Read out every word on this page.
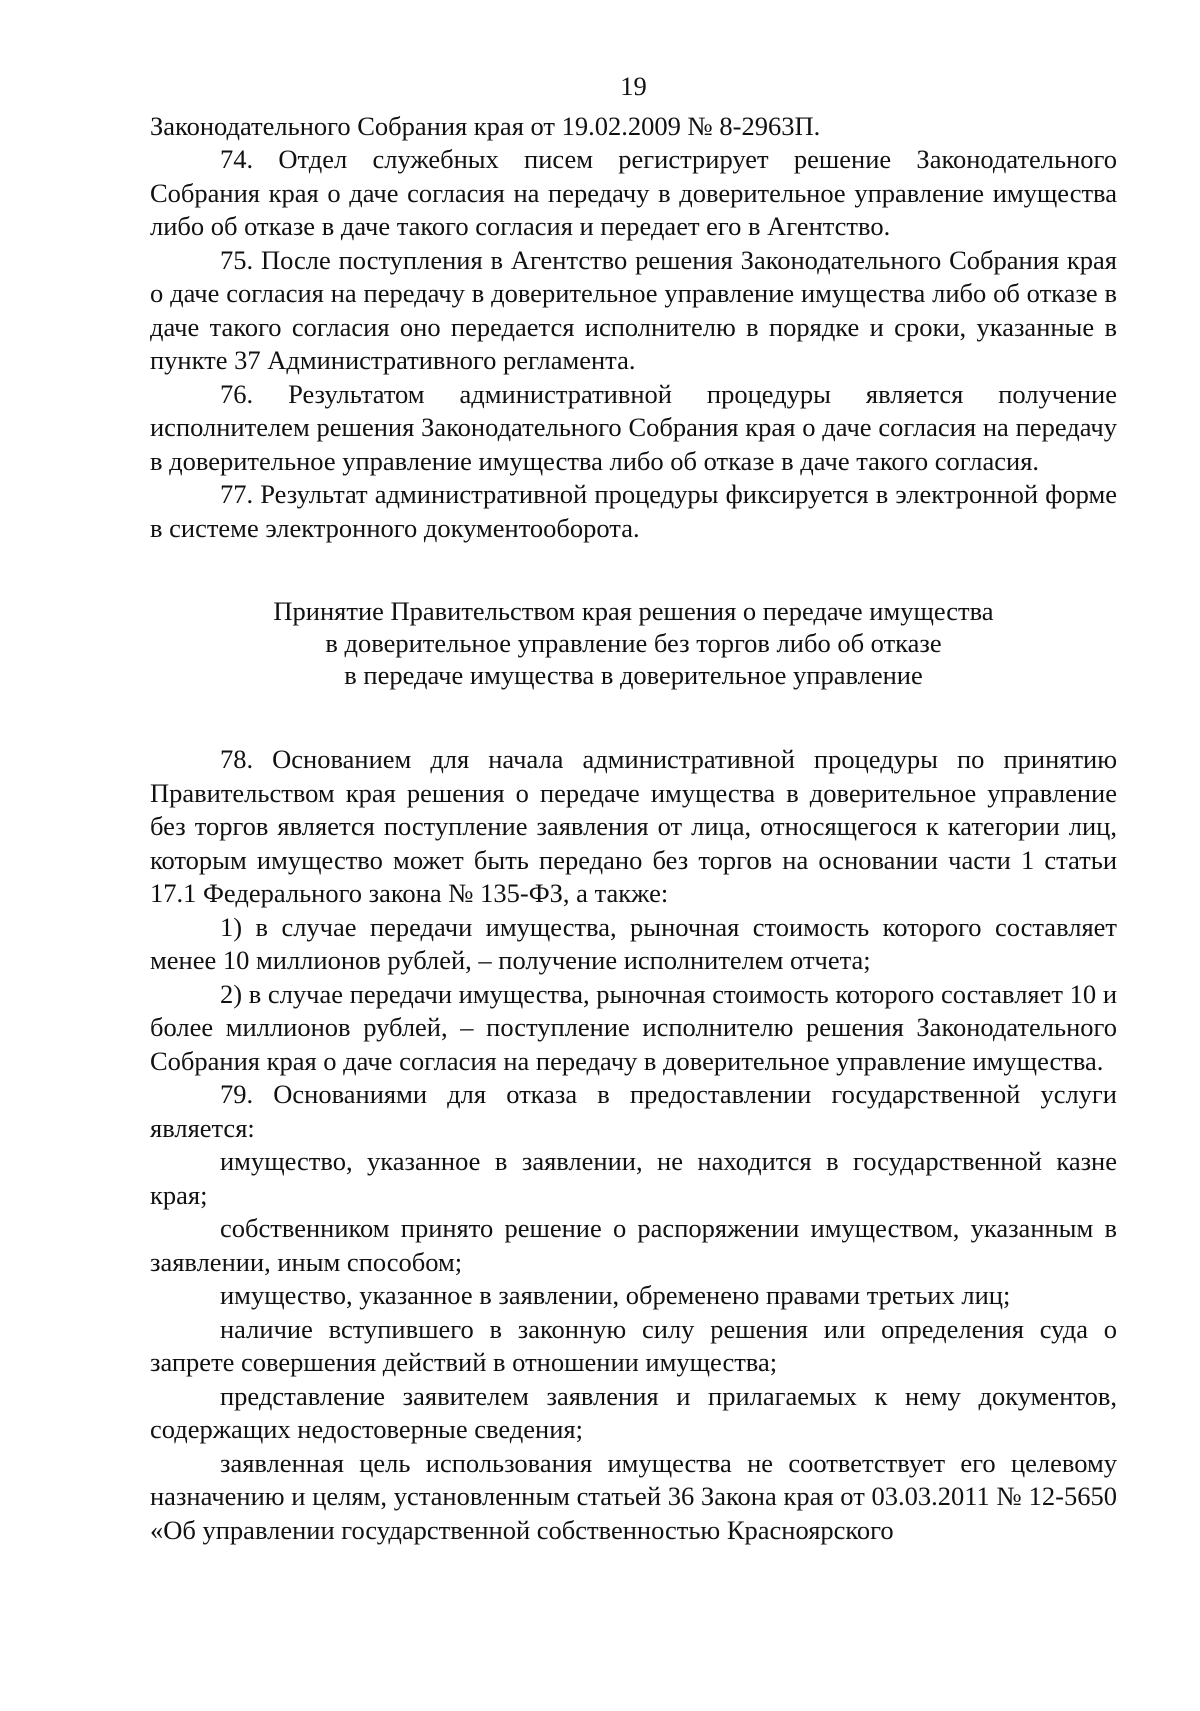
19

Законодательного Собрания края от 19.02.2009 № 8-2963П.

74. Отдел служебных писем регистрирует решение Законодательного Собрания края о даче согласия на передачу в доверительное управление имущества либо об отказе в даче такого согласия и передает его в Агентство.

75. После поступления в Агентство решения Законодательного Собрания края о даче согласия на передачу в доверительное управление имущества либо об отказе в даче такого согласия оно передается исполнителю в порядке и сроки, указанные в пункте 37 Административного регламента.

76. Результатом административной процедуры является получение исполнителем решения Законодательного Собрания края о даче согласия на передачу в доверительное управление имущества либо об отказе в даче такого согласия.

77. Результат административной процедуры фиксируется в электронной форме в системе электронного документооборота.

Принятие Правительством края решения о передаче имущества
в доверительное управление без торгов либо об отказе
в передаче имущества в доверительное управление

78. Основанием для начала административной процедуры по принятию Правительством края решения о передаче имущества в доверительное управление без торгов является поступление заявления от лица, относящегося к категории лиц, которым имущество может быть передано без торгов на основании части 1 статьи 17.1 Федерального закона № 135-ФЗ, а также:

1) в случае передачи имущества, рыночная стоимость которого составляет менее 10 миллионов рублей, – получение исполнителем отчета;

2) в случае передачи имущества, рыночная стоимость которого составляет 10 и более миллионов рублей, – поступление исполнителю решения Законодательного Собрания края о даче согласия на передачу в доверительное управление имущества.

79. Основаниями для отказа в предоставлении государственной услуги является:

имущество, указанное в заявлении, не находится в государственной казне края;

собственником принято решение о распоряжении имуществом, указанным в заявлении, иным способом;

имущество, указанное в заявлении, обременено правами третьих лиц;

наличие вступившего в законную силу решения или определения суда о запрете совершения действий в отношении имущества;

представление заявителем заявления и прилагаемых к нему документов, содержащих недостоверные сведения;

заявленная цель использования имущества не соответствует его целевому назначению и целям, установленным статьей 36 Закона края от 03.03.2011 № 12-5650 «Об управлении государственной собственностью Красноярского
